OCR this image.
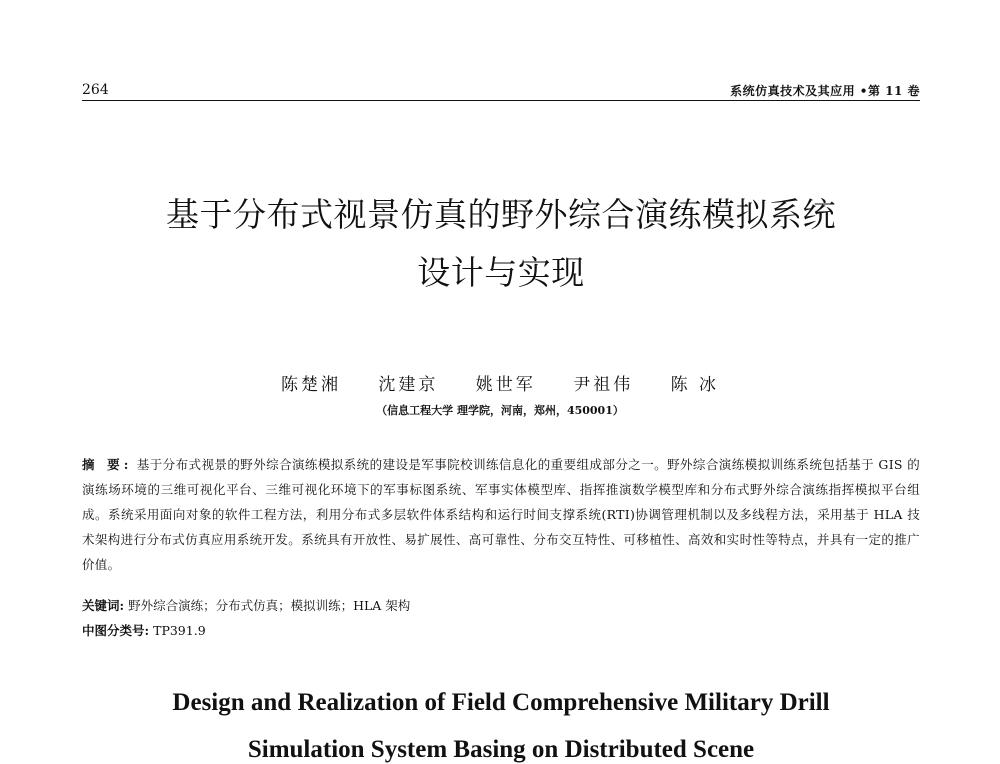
264	系统仿真技术及其应用 •第 11 卷
基于分布式视景仿真的野外综合演练模拟系统
设计与实现
陈楚湘 沈建京 姚世军 尹祖伟 陈 冰
（信息工程大学 理学院，河南，郑州，450001）
摘 要: 基于分布式视景的野外综合演练模拟系统的建设是军事院校训练信息化的重要组成部分之一。野外综合演练模拟训练系统包括基于 GIS 的演练场环境的三维可视化平台、三维可视化环境下的军事标图系统、军事实体模型库、指挥推演数学模型库和分布式野外综合演练指挥模拟平台组成。系统采用面向对象的软件工程方法，利用分布式多层软件体系结构和运行时间支撑系统(RTI)协调管理机制以及多线程方法，采用基于 HLA 技术架构进行分布式仿真应用系统开发。系统具有开放性、易扩展性、高可靠性、分布交互特性、可移植性、高效和实时性等特点，并具有一定的推广价值。
关键词: 野外综合演练；分布式仿真；模拟训练；HLA 架构
中图分类号: TP391.9
Design and Realization of Field Comprehensive Military Drill
Simulation System Basing on Distributed Scene
